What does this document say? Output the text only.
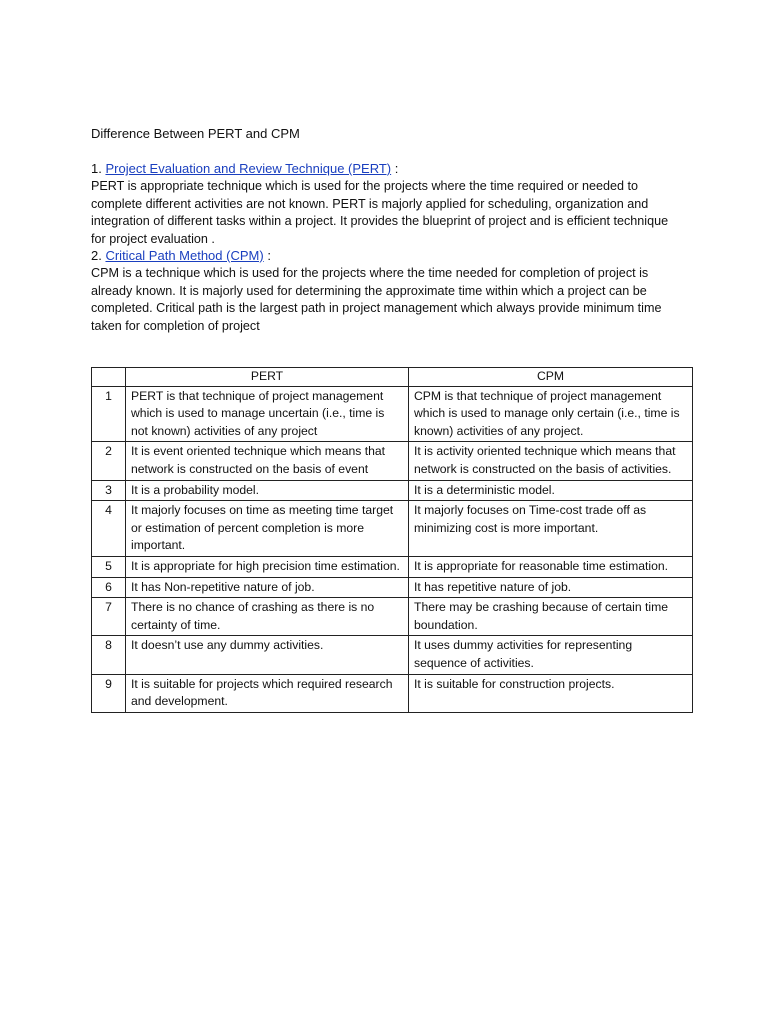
Difference Between PERT and CPM
1. Project Evaluation and Review Technique (PERT) :

PERT is appropriate technique which is used for the projects where the time required or needed to complete different activities are not known. PERT is majorly applied for scheduling, organization and integration of different tasks within a project. It provides the blueprint of project and is efficient technique for project evaluation .

2. Critical Path Method (CPM) :

CPM is a technique which is used for the projects where the time needed for completion of project is already known. It is majorly used for determining the approximate time within which a project can be completed. Critical path is the largest path in project management which always provide minimum time taken for completion of project

	PERT	CPM
1	PERT is that technique of project management which is used to manage uncertain (i.e., time is not known) activities of any project	CPM is that technique of project management which is used to manage only certain (i.e., time is known) activities of any project.
2	It is event oriented technique which means that network is constructed on the basis of event	It is activity oriented technique which means that network is constructed on the basis of activities.
3	It is a probability model.	It is a deterministic model.
4	It majorly focuses on time as meeting time target or estimation of percent completion is more important.	It majorly focuses on Time-cost trade off as minimizing cost is more important.
5	It is appropriate for high precision time estimation.	It is appropriate for reasonable time estimation.
6	It has Non-repetitive nature of job.	It has repetitive nature of job.
7	There is no chance of crashing as there is no certainty of time.	There may be crashing because of certain time boundation.
8	It doesn’t use any dummy activities.	It uses dummy activities for representing sequence of activities.
9	It is suitable for projects which required research and development.	It is suitable for construction projects.
